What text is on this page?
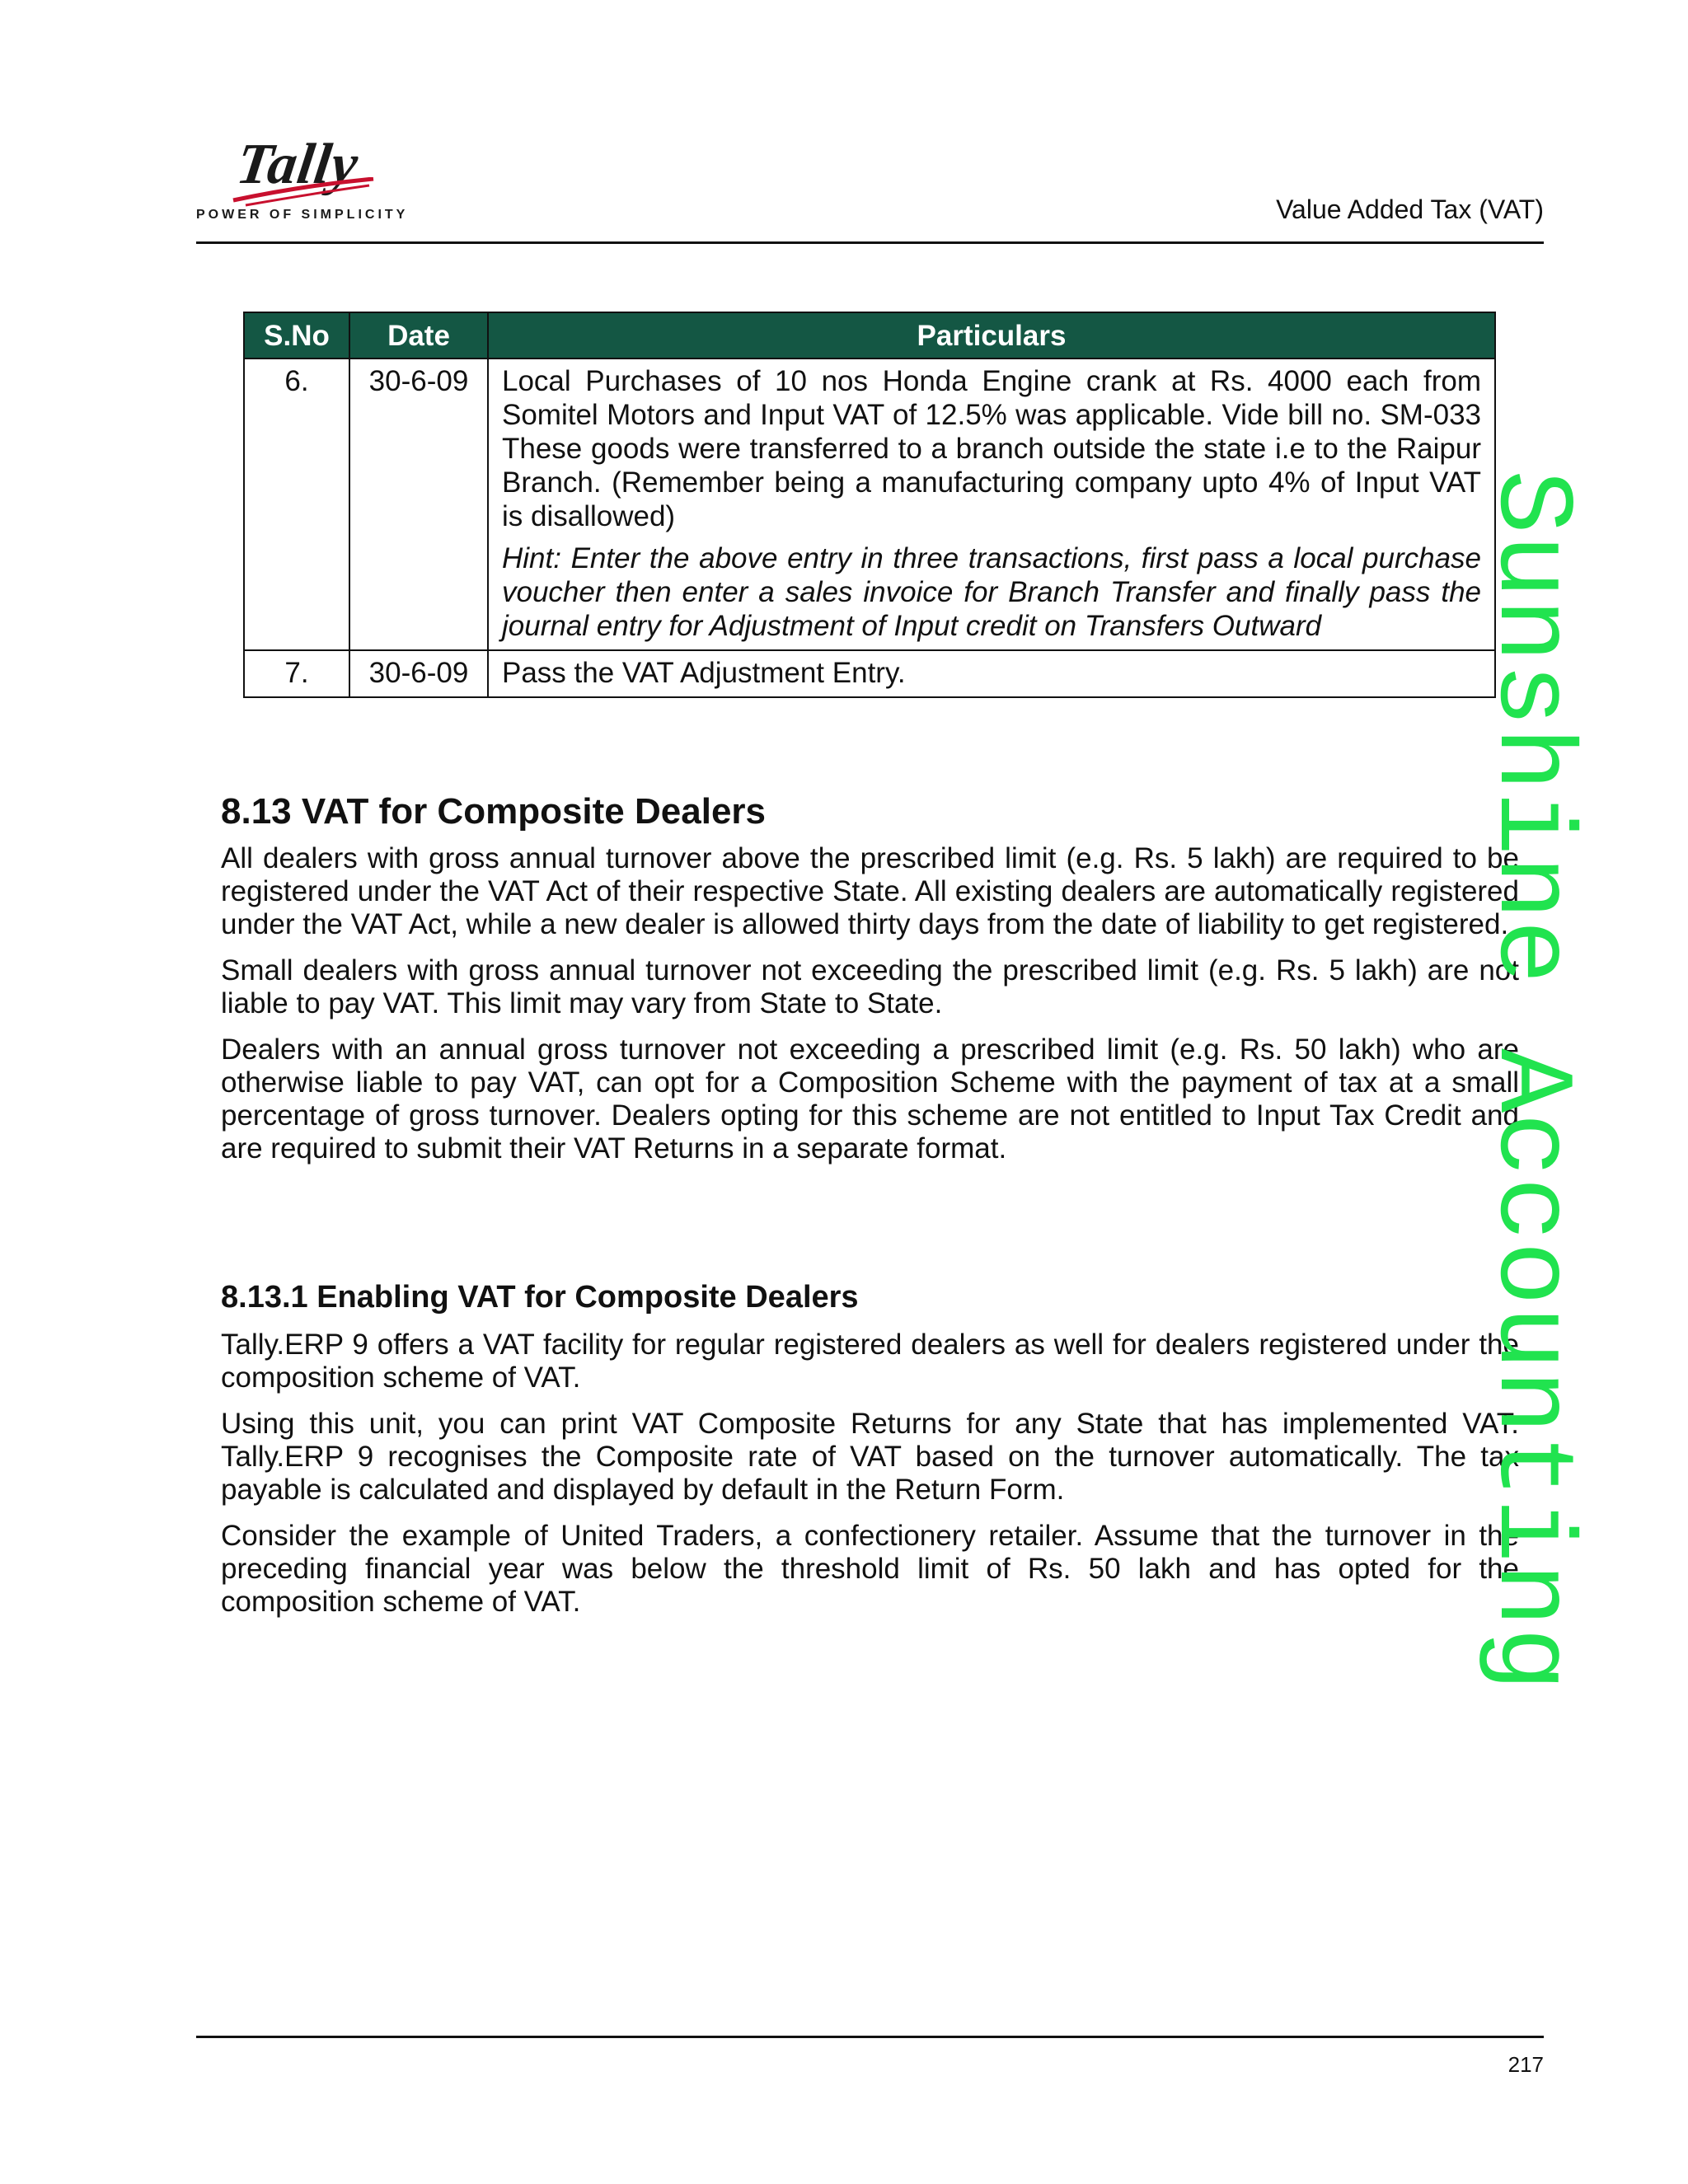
Tally
POWER OF SIMPLICITY	Value Added Tax (VAT)
S.No	Date	Particulars
6.	30-6-09	Local Purchases of 10 nos Honda Engine crank at Rs. 4000 each from Somitel Motors and Input VAT of 12.5% was applicable. Vide bill no. SM-033 These goods were transferred to a branch outside the state i.e to the Raipur Branch. (Remember being a manufacturing company upto 4% of Input VAT is disallowed)
Hint: Enter the above entry in three transactions, first pass a local purchase voucher then enter a sales invoice for Branch Transfer and finally pass the journal entry for Adjustment of Input credit on Transfers Outward

7.	30-6-09	Pass the VAT Adjustment Entry.
8.13 VAT for Composite Dealers

All dealers with gross annual turnover above the prescribed limit (e.g. Rs. 5 lakh) are required to be registered under the VAT Act of their respective State. All existing dealers are automatically registered under the VAT Act, while a new dealer is allowed thirty days from the date of liability to get registered.

Small dealers with gross annual turnover not exceeding the prescribed limit (e.g. Rs. 5 lakh) are not liable to pay VAT. This limit may vary from State to State.

Dealers with an annual gross turnover not exceeding a prescribed limit (e.g. Rs. 50 lakh) who are otherwise liable to pay VAT, can opt for a Composition Scheme with the payment of tax at a small percentage of gross turnover. Dealers opting for this scheme are not entitled to Input Tax Credit and are required to submit their VAT Returns in a separate format.

8.13.1 Enabling VAT for Composite Dealers

Tally.ERP 9 offers a VAT facility for regular registered dealers as well for dealers registered under the composition scheme of VAT.

Using this unit, you can print VAT Composite Returns for any State that has implemented VAT. Tally.ERP 9 recognises the Composite rate of VAT based on the turnover automatically. The tax payable is calculated and displayed by default in the Return Form.

Consider the example of United Traders, a confectionery retailer. Assume that the turnover in the preceding financial year was below the threshold limit of Rs. 50 lakh and has opted for the composition scheme of VAT.	Sunshine Accounting
217
